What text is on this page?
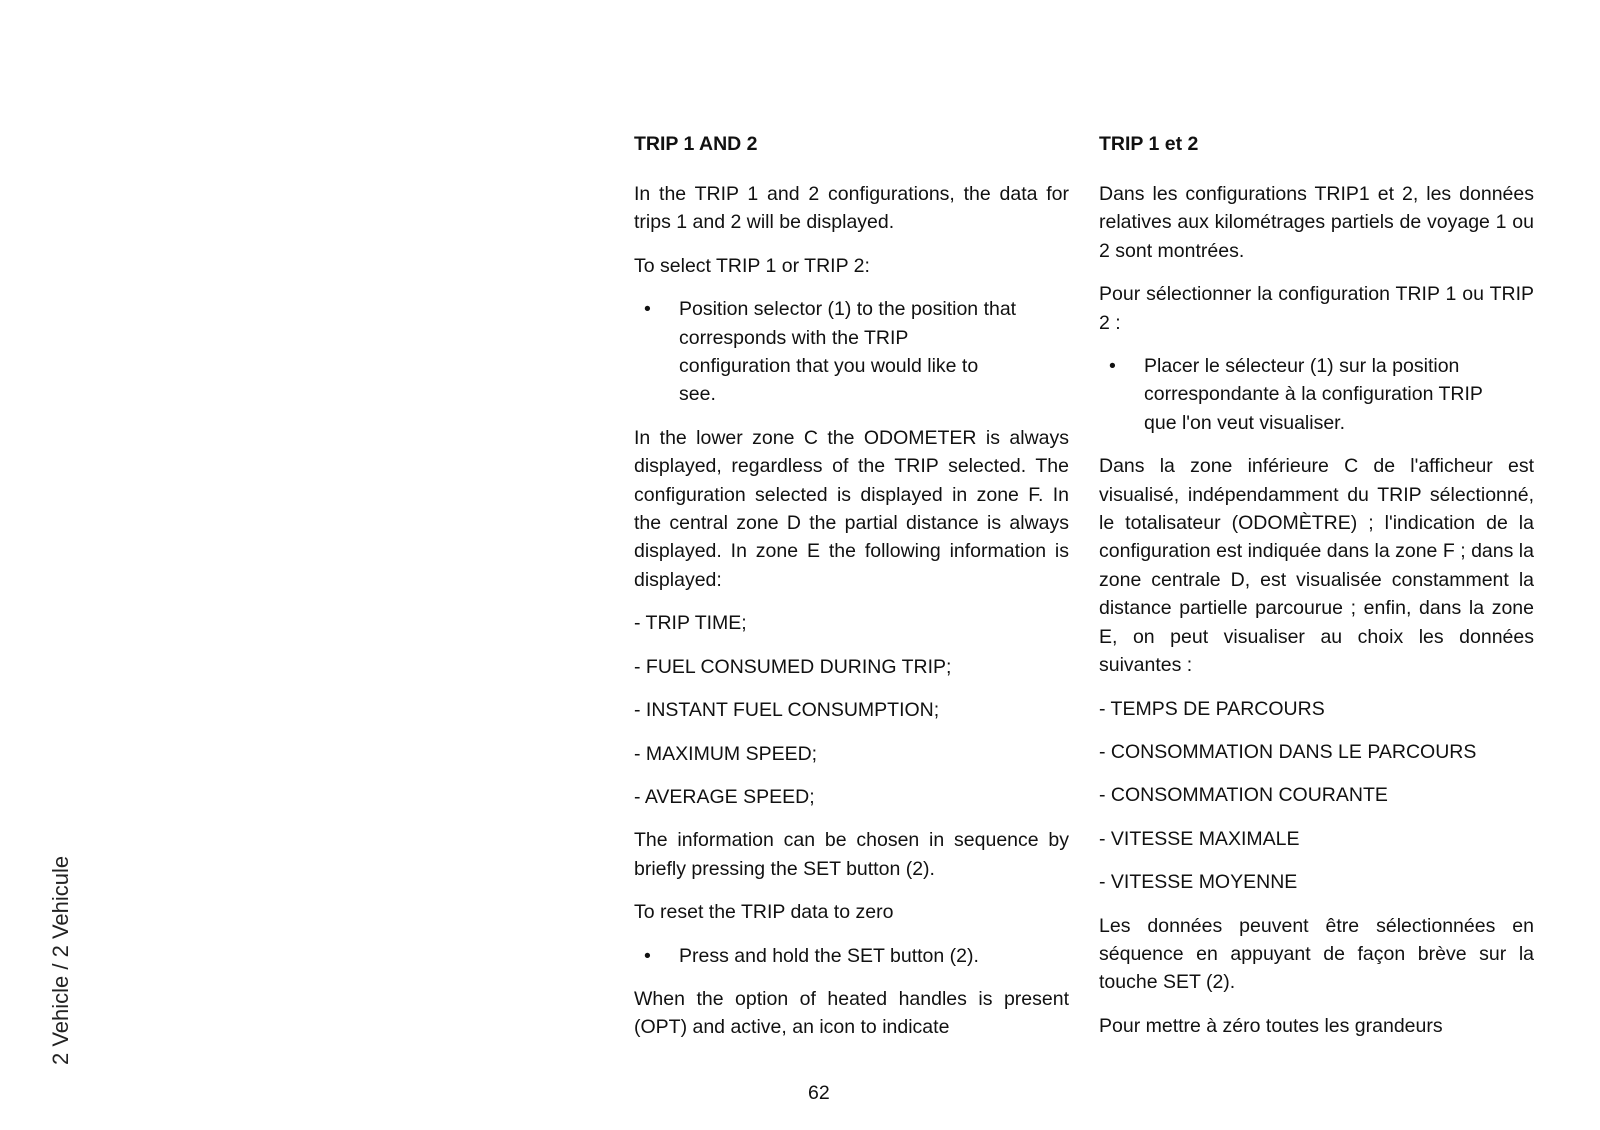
2 Vehicle / 2 Vehicule
TRIP 1 AND 2

In the TRIP 1 and 2 configurations, the data for trips 1 and 2 will be displayed.

To select TRIP 1 or TRIP 2:

• Position selector (1) to the position that corresponds with the TRIP configuration that you would like to see.

In the lower zone C the ODOMETER is always displayed, regardless of the TRIP selected. The configuration selected is displayed in zone F. In the central zone D the partial distance is always displayed. In zone E the following information is displayed:

- TRIP TIME;

- FUEL CONSUMED DURING TRIP;

- INSTANT FUEL CONSUMPTION;

- MAXIMUM SPEED;

- AVERAGE SPEED;

The information can be chosen in sequence by briefly pressing the SET button (2).

To reset the TRIP data to zero

• Press and hold the SET button (2).

When the option of heated handles is present (OPT) and active, an icon to indicate

TRIP 1 et 2

Dans les configurations TRIP1 et 2, les données relatives aux kilométrages partiels de voyage 1 ou 2 sont montrées.

Pour sélectionner la configuration TRIP 1 ou TRIP 2 :

• Placer le sélecteur (1) sur la position correspondante à la configuration TRIP que l'on veut visualiser.

Dans la zone inférieure C de l'afficheur est visualisé, indépendamment du TRIP sélectionné, le totalisateur (ODOMÈTRE) ; l'indication de la configuration est indiquée dans la zone F ; dans la zone centrale D, est visualisée constamment la distance partielle parcourue ; enfin, dans la zone E, on peut visualiser au choix les données suivantes :

- TEMPS DE PARCOURS

- CONSOMMATION DANS LE PARCOURS

- CONSOMMATION COURANTE

- VITESSE MAXIMALE

- VITESSE MOYENNE

Les données peuvent être sélectionnées en séquence en appuyant de façon brève sur la touche SET (2).

Pour mettre à zéro toutes les grandeurs

62
